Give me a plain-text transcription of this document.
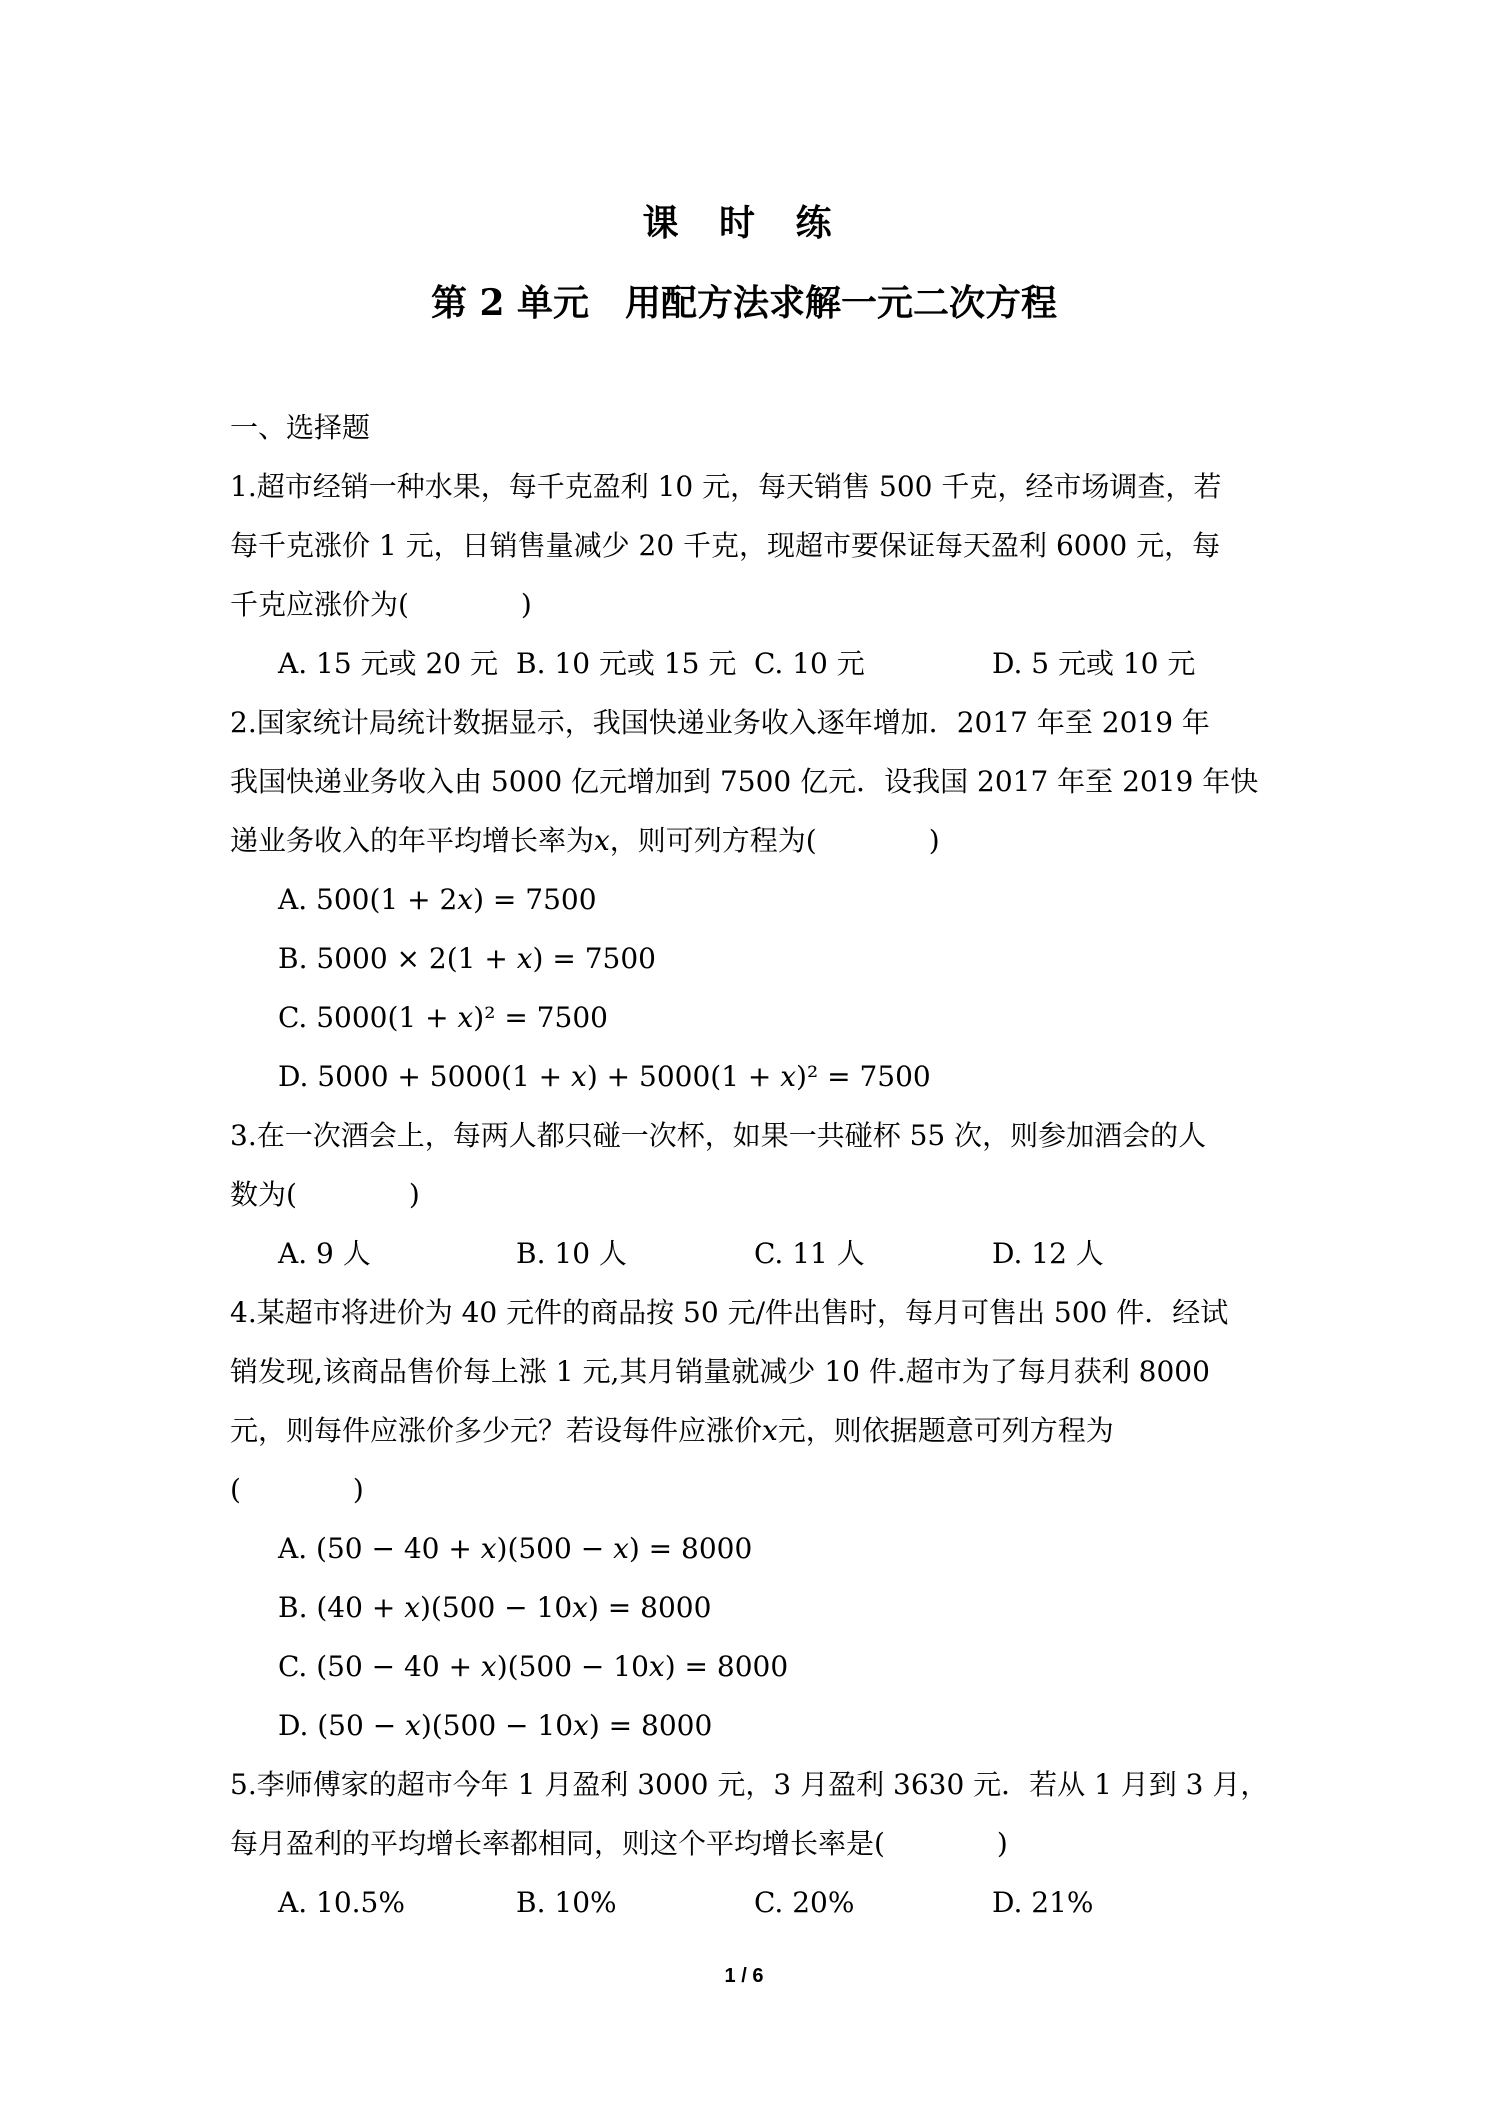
课 时 练
第 2 单元　用配方法求解一元二次方程
一、选择题
1.超市经销一种水果，每千克盈利 10 元，每天销售 500 千克，经市场调查，若
每千克涨价 1 元，日销售量减少 20 千克，现超市要保证每天盈利 6000 元，每
千克应涨价为(　　　　)
A. 15 元或 20 元 B. 10 元或 15 元 C. 10 元	D. 5 元或 10 元
2.国家统计局统计数据显示，我国快递业务收入逐年增加．2017 年至 2019 年
我国快递业务收入由 5000 亿元增加到 7500 亿元．设我国 2017 年至 2019 年快
递业务收入的年平均增长率为𝑥，则可列方程为(　　　　)
A. 500(1 + 2𝑥) = 7500
B. 5000 × 2(1 + 𝑥) = 7500
C. 5000(1 + 𝑥)² = 7500
D. 5000 + 5000(1 + 𝑥) + 5000(1 + 𝑥)² = 7500
3.在一次酒会上，每两人都只碰一次杯，如果一共碰杯 55 次，则参加酒会的人
数为(　　　　)
A. 9 人	B. 10 人	C. 11 人	D. 12 人
4.某超市将进价为 40 元件的商品按 50 元/件出售时，每月可售出 500 件．经试
销发现,该商品售价每上涨 1 元,其月销量就减少 10 件.超市为了每月获利 8000
元，则每件应涨价多少元？若设每件应涨价𝑥元，则依据题意可列方程为
(　　　　)
A. (50 − 40 + 𝑥)(500 − 𝑥) = 8000
B. (40 + 𝑥)(500 − 10𝑥) = 8000
C. (50 − 40 + 𝑥)(500 − 10𝑥) = 8000
D. (50 − 𝑥)(500 − 10𝑥) = 8000
5.李师傅家的超市今年 1 月盈利 3000 元，3 月盈利 3630 元．若从 1 月到 3 月，
每月盈利的平均增长率都相同，则这个平均增长率是(　　　　)
A. 10.5%	B. 10%	C. 20%	D. 21%
1 / 6
